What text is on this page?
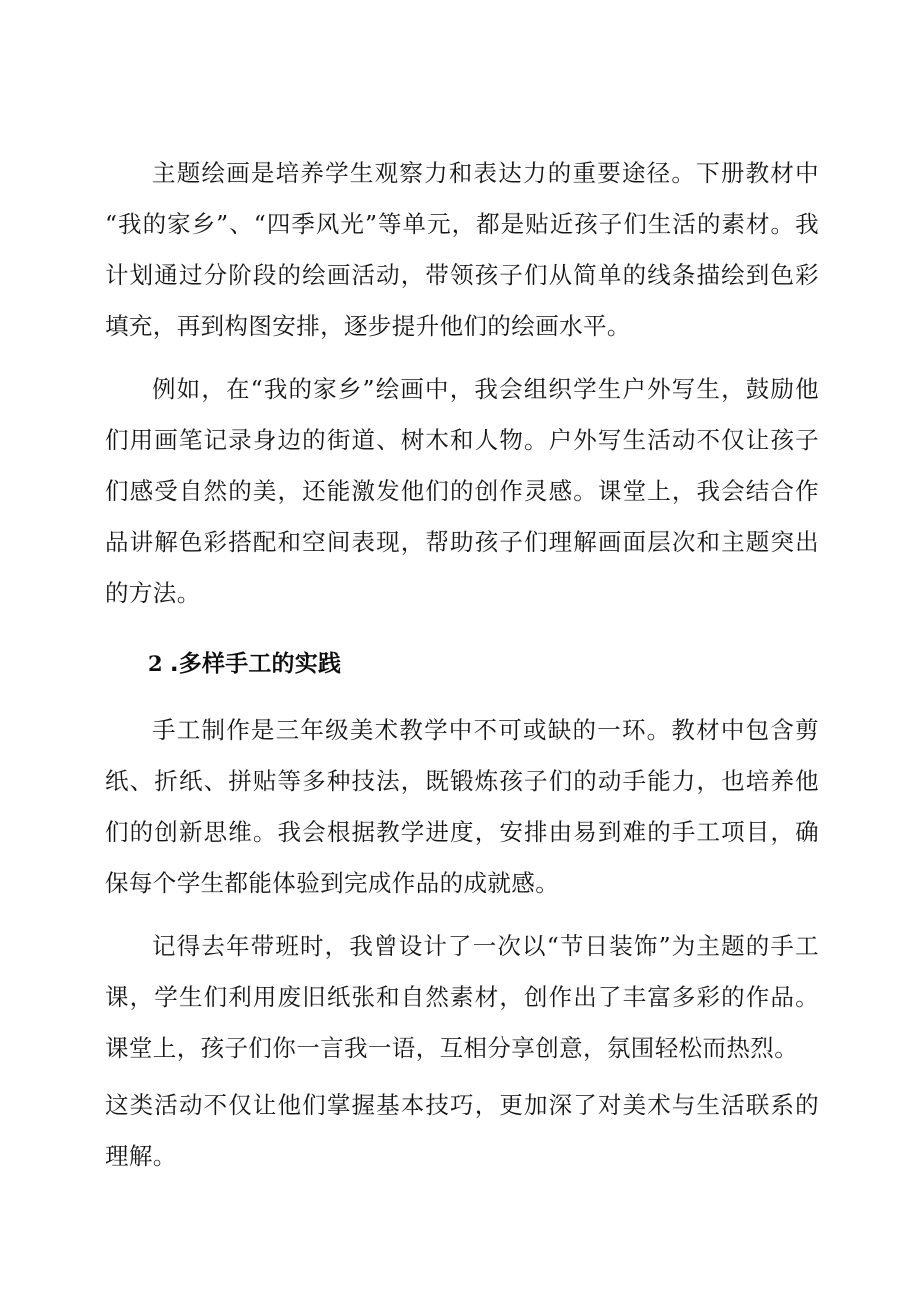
主题绘画是培养学生观察力和表达力的重要途径。下册教材中“我的家乡”、“四季风光”等单元，都是贴近孩子们生活的素材。我计划通过分阶段的绘画活动，带领孩子们从简单的线条描绘到色彩填充，再到构图安排，逐步提升他们的绘画水平。

例如，在“我的家乡”绘画中，我会组织学生户外写生，鼓励他们用画笔记录身边的街道、树木和人物。户外写生活动不仅让孩子们感受自然的美，还能激发他们的创作灵感。课堂上，我会结合作品讲解色彩搭配和空间表现，帮助孩子们理解画面层次和主题突出的方法。

2 .多样手工的实践

手工制作是三年级美术教学中不可或缺的一环。教材中包含剪纸、折纸、拼贴等多种技法，既锻炼孩子们的动手能力，也培养他们的创新思维。我会根据教学进度，安排由易到难的手工项目，确保每个学生都能体验到完成作品的成就感。

记得去年带班时，我曾设计了一次以“节日装饰”为主题的手工课，学生们利用废旧纸张和自然素材，创作出了丰富多彩的作品。课堂上，孩子们你一言我一语，互相分享创意，氛围轻松而热烈。

这类活动不仅让他们掌握基本技巧，更加深了对美术与生活联系的理解。
